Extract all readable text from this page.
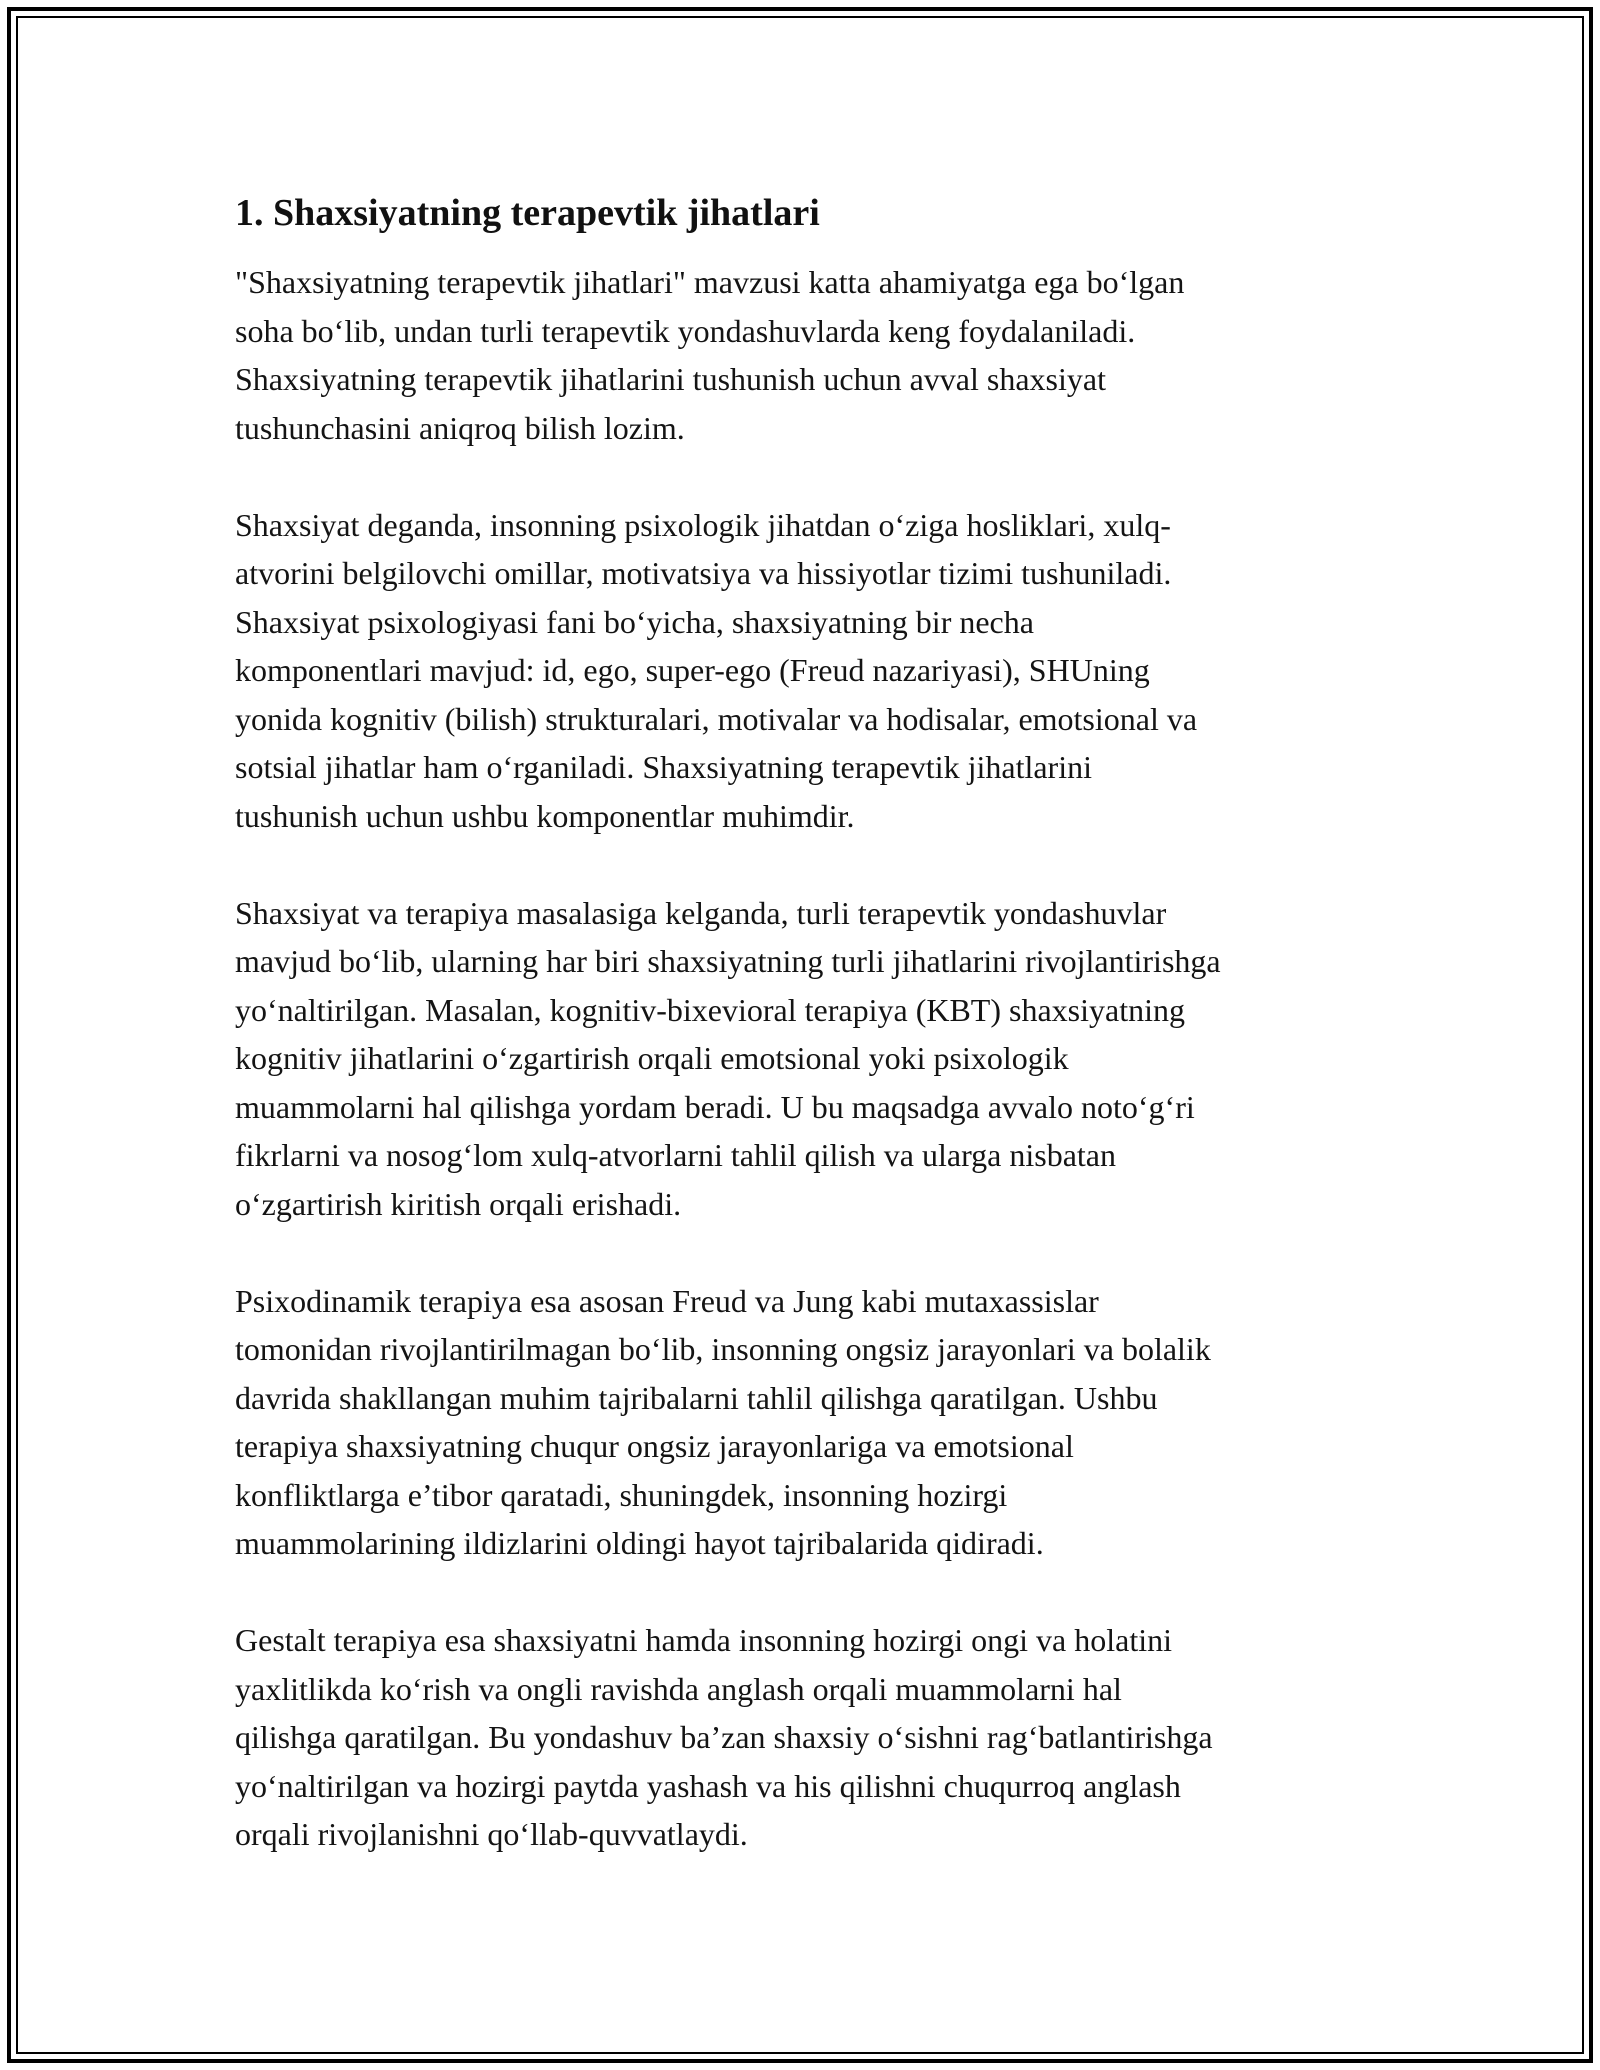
1. Shaxsiyatning terapevtik jihatlari

"Shaxsiyatning terapevtik jihatlari" mavzusi katta ahamiyatga ega bo‘lgan
soha bo‘lib, undan turli terapevtik yondashuvlarda keng foydalaniladi.
Shaxsiyatning terapevtik jihatlarini tushunish uchun avval shaxsiyat
tushunchasini aniqroq bilish lozim.

Shaxsiyat deganda, insonning psixologik jihatdan o‘ziga hosliklari, xulq-
atvorini belgilovchi omillar, motivatsiya va hissiyotlar tizimi tushuniladi.
Shaxsiyat psixologiyasi fani bo‘yicha, shaxsiyatning bir necha
komponentlari mavjud: id, ego, super-ego (Freud nazariyasi), SHUning
yonida kognitiv (bilish) strukturalari, motivalar va hodisalar, emotsional va
sotsial jihatlar ham o‘rganiladi. Shaxsiyatning terapevtik jihatlarini
tushunish uchun ushbu komponentlar muhimdir.

Shaxsiyat va terapiya masalasiga kelganda, turli terapevtik yondashuvlar
mavjud bo‘lib, ularning har biri shaxsiyatning turli jihatlarini rivojlantirishga
yo‘naltirilgan. Masalan, kognitiv-bixevioral terapiya (KBT) shaxsiyatning
kognitiv jihatlarini o‘zgartirish orqali emotsional yoki psixologik
muammolarni hal qilishga yordam beradi. U bu maqsadga avvalo noto‘g‘ri
fikrlarni va nosog‘lom xulq-atvorlarni tahlil qilish va ularga nisbatan
o‘zgartirish kiritish orqali erishadi.

Psixodinamik terapiya esa asosan Freud va Jung kabi mutaxassislar
tomonidan rivojlantirilmagan bo‘lib, insonning ongsiz jarayonlari va bolalik
davrida shakllangan muhim tajribalarni tahlil qilishga qaratilgan. Ushbu
terapiya shaxsiyatning chuqur ongsiz jarayonlariga va emotsional
konfliktlarga e’tibor qaratadi, shuningdek, insonning hozirgi
muammolarining ildizlarini oldingi hayot tajribalarida qidiradi.

Gestalt terapiya esa shaxsiyatni hamda insonning hozirgi ongi va holatini
yaxlitlikda ko‘rish va ongli ravishda anglash orqali muammolarni hal
qilishga qaratilgan. Bu yondashuv ba’zan shaxsiy o‘sishni rag‘batlantirishga
yo‘naltirilgan va hozirgi paytda yashash va his qilishni chuqurroq anglash
orqali rivojlanishni qo‘llab-quvvatlaydi.
